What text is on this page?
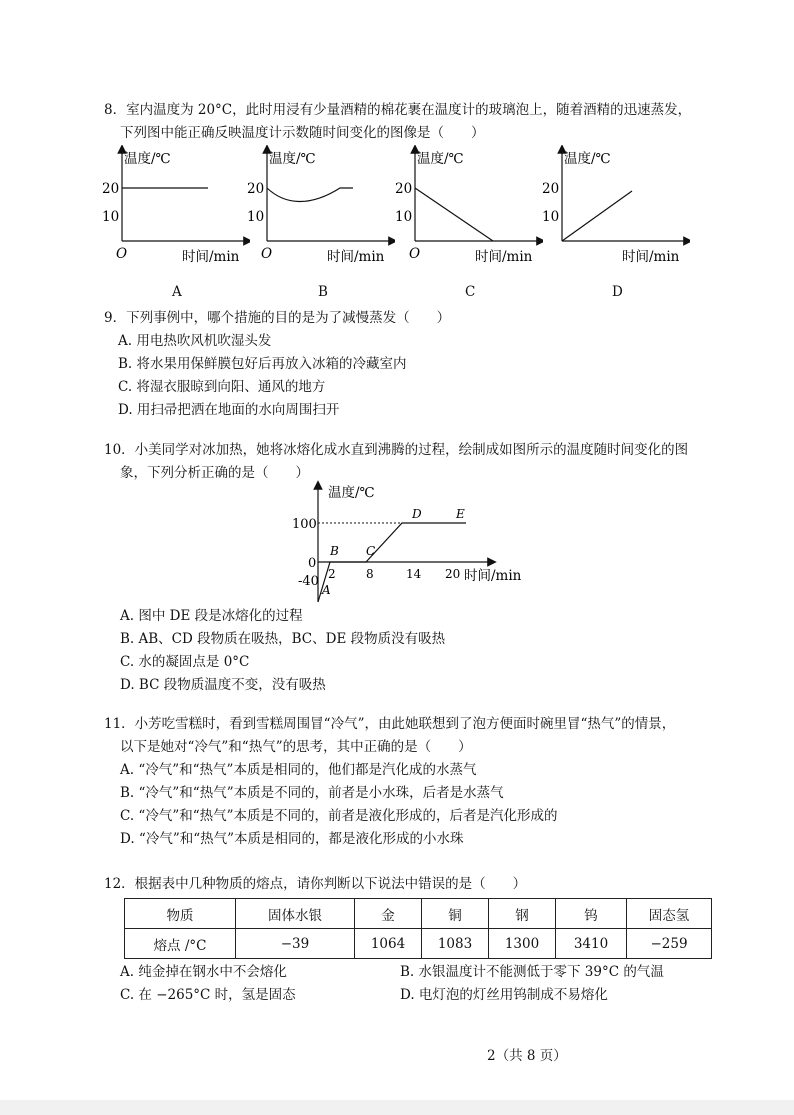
8．室内温度为 20°C，此时用浸有少量酒精的棉花裹在温度计的玻璃泡上，随着酒精的迅速蒸发，
下列图中能正确反映温度计示数随时间变化的图像是（　　）
温度/℃
20
10
O	时间/min
温度/℃
20
10
O	时间/min
温度/℃
20
10
O	时间/min
温度/℃
20
10
时间/min
A	B	C	D
9．下列事例中，哪个措施的目的是为了减慢蒸发（　　）
A. 用电热吹风机吹湿头发
B. 将水果用保鲜膜包好后再放入冰箱的冷藏室内
C. 将湿衣服晾到向阳、通风的地方
D. 用扫帚把洒在地面的水向周围扫开
10．小美同学对冰加热，她将冰熔化成水直到沸腾的过程，绘制成如图所示的温度随时间变化的图
象，下列分析正确的是（　　）
温度/℃
100
0
-40 2	8	14 20 时间/min
A
B C
D	E
A. 图中 DE 段是冰熔化的过程
B. AB、CD 段物质在吸热，BC、DE 段物质没有吸热
C. 水的凝固点是 0°C
D. BC 段物质温度不变，没有吸热
11．小芳吃雪糕时，看到雪糕周围冒“冷气”，由此她联想到了泡方便面时碗里冒“热气”的情景，
以下是她对“冷气”和“热气”的思考，其中正确的是（　　）
A. “冷气”和“热气”本质是相同的，他们都是汽化成的水蒸气
B. “冷气”和“热气”本质是不同的，前者是小水珠，后者是水蒸气
C. “冷气”和“热气”本质是不同的，前者是液化形成的，后者是汽化形成的
D. “冷气”和“热气”本质是相同的，都是液化形成的小水珠
12．根据表中几种物质的熔点，请你判断以下说法中错误的是（　　）
物质	固体水银	金	铜	钢	钨	固态氢
熔点 /°C	−39	1064	1083	1300	3410	−259
A. 纯金掉在钢水中不会熔化	B. 水银温度计不能测低于零下 39°C 的气温
C. 在 −265°C 时，氢是固态	D. 电灯泡的灯丝用钨制成不易熔化
2（共 8 页）
